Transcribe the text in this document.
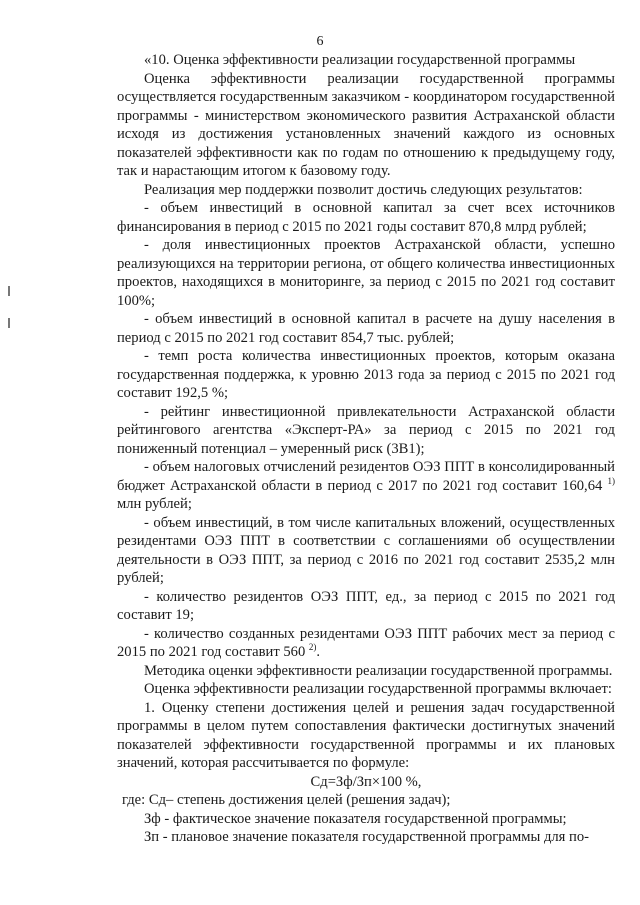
6

«10. Оценка эффективности реализации государственной программы

Оценка эффективности реализации государственной программы осуществляется государственным заказчиком - координатором государственной программы - министерством экономического развития Астраханской области исходя из достижения установленных значений каждого из основных показателей эффективности как по годам по отношению к предыдущему году, так и нарастающим итогом к базовому году.

Реализация мер поддержки позволит достичь следующих результатов:

- объем инвестиций в основной капитал за счет всех источников финансирования в период с 2015 по 2021 годы составит 870,8 млрд рублей;

- доля инвестиционных проектов Астраханской области, успешно реализующихся на территории региона, от общего количества инвестиционных проектов, находящихся в мониторинге, за период с 2015 по 2021 год составит 100%;

- объем инвестиций в основной капитал в расчете на душу населения в период с 2015 по 2021 год составит 854,7 тыс. рублей;

- темп роста количества инвестиционных проектов, которым оказана государственная поддержка, к уровню 2013 года за период с 2015 по 2021 год составит 192,5 %;

- рейтинг инвестиционной привлекательности Астраханской области рейтингового агентства «Эксперт-РА» за период с 2015 по 2021 год пониженный потенциал – умеренный риск (3В1);

- объем налоговых отчислений резидентов ОЭЗ ППТ в консолидированный бюджет Астраханской области в период с 2017 по 2021 год составит 160,64 $^{1)}$ млн рублей;

- объем инвестиций, в том числе капитальных вложений, осуществленных резидентами ОЭЗ ППТ в соответствии с соглашениями об осуществлении деятельности в ОЭЗ ППТ, за период с 2016 по 2021 год составит 2535,2 млн рублей;

- количество резидентов ОЭЗ ППТ, ед., за период с 2015 по 2021 год составит 19;

- количество созданных резидентами ОЭЗ ППТ рабочих мест за период с 2015 по 2021 год составит 560 $^{2)}$.

Методика оценки эффективности реализации государственной программы.

Оценка эффективности реализации государственной программы включает:

1. Оценку степени достижения целей и решения задач государственной программы в целом путем сопоставления фактически достигнутых значений показателей эффективности государственной программы и их плановых значений, которая рассчитывается по формуле:

Сд=Зф/Зп×100 %,

где: Сд– степень достижения целей (решения задач);

Зф - фактическое значение показателя государственной программы;

Зп - плановое значение показателя государственной программы для по-
